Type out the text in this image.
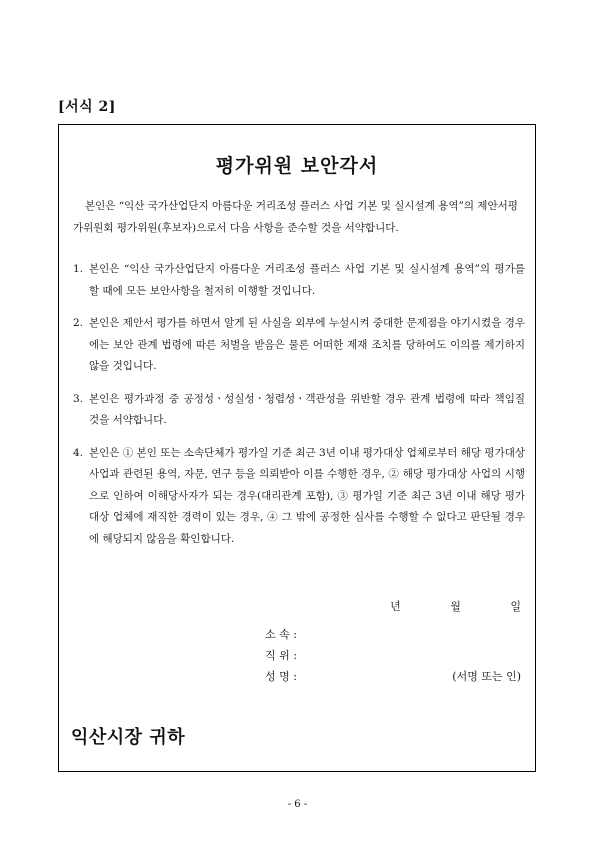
[서식 2]
평가위원 보안각서

본인은 “익산 국가산업단지 아름다운 거리조성 플러스 사업 기본 및 실시설계 용역”의 제안서평가위원회 평가위원(후보자)으로서 다음 사항을 준수할 것을 서약합니다.

1. 본인은 “익산 국가산업단지 아름다운 거리조성 플러스 사업 기본 및 실시설계 용역”의 평가를 할 때에 모든 보안사항을 철저히 이행할 것입니다.
2. 본인은 제안서 평가를 하면서 알게 된 사실을 외부에 누설시켜 중대한 문제점을 야기시켰을 경우에는 보안 관계 법령에 따른 처벌을 받음은 물론 어떠한 제재 조치를 당하여도 이의를 제기하지 않을 것입니다.
3. 본인은 평가과정 중 공정성ㆍ성실성ㆍ청렴성ㆍ객관성을 위반할 경우 관계 법령에 따라 책임질 것을 서약합니다.
4. 본인은 ① 본인 또는 소속단체가 평가일 기준 최근 3년 이내 평가대상 업체로부터 해당 평가대상 사업과 관련된 용역, 자문, 연구 등을 의뢰받아 이를 수행한 경우, ② 해당 평가대상 사업의 시행으로 인하여 이해당사자가 되는 경우(대리관계 포함), ③ 평가일 기준 최근 3년 이내 해당 평가대상 업체에 재직한 경력이 있는 경우, ④ 그 밖에 공정한 심사를 수행할 수 없다고 판단될 경우에 해당되지 않음을 확인합니다.
년	월	일
소 속 :
직 위 :
성 명 :	(서명 또는 인)
익산시장 귀하
- 6 -
